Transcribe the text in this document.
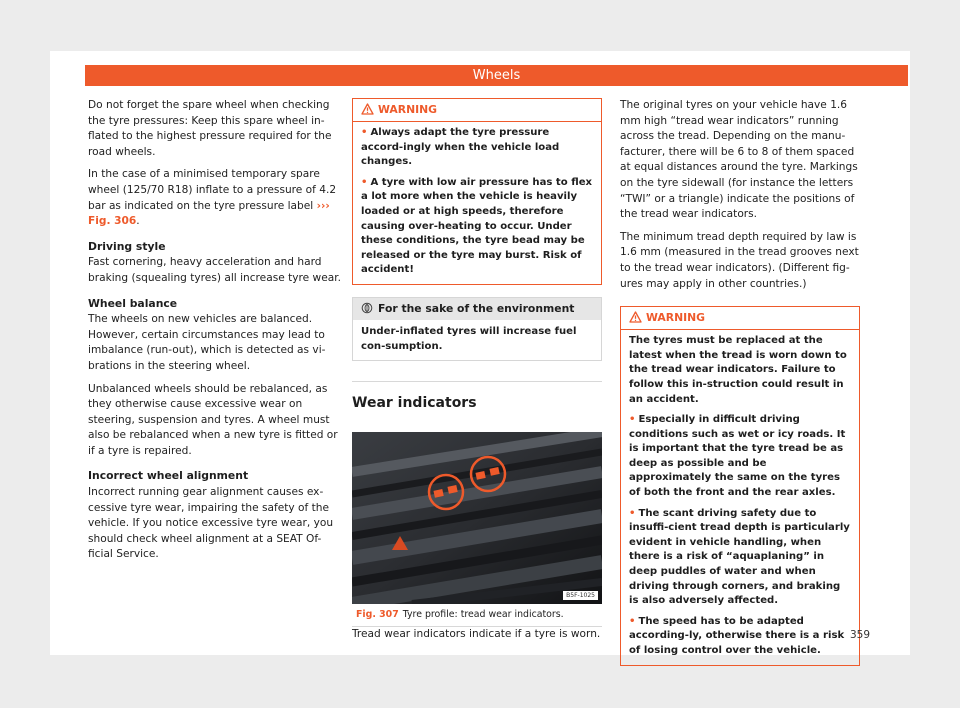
Wheels

Do not forget the spare wheel when checking the tyre pressures: Keep this spare wheel in-flated to the highest pressure required for the road wheels.

In the case of a minimised temporary spare wheel (125/70 R18) inflate to a pressure of 4.2 bar as indicated on the tyre pressure label ››› Fig. 306.

Driving style

Fast cornering, heavy acceleration and hard braking (squealing tyres) all increase tyre wear.

Wheel balance

The wheels on new vehicles are balanced. However, certain circumstances may lead to imbalance (run-out), which is detected as vi-brations in the steering wheel.

Unbalanced wheels should be rebalanced, as they otherwise cause excessive wear on steering, suspension and tyres. A wheel must also be rebalanced when a new tyre is fitted or if a tyre is repaired.

Incorrect wheel alignment

Incorrect running gear alignment causes ex-cessive tyre wear, impairing the safety of the vehicle. If you notice excessive tyre wear, you should check wheel alignment at a SEAT Of-ficial Service.

WARNING

• Always adapt the tyre pressure accord-ingly when the vehicle load changes.

• A tyre with low air pressure has to flex a lot more when the vehicle is heavily loaded or at high speeds, therefore causing over-heating to occur. Under these conditions, the tyre bead may be released or the tyre may burst. Risk of accident!

For the sake of the environment
Under-inflated tyres will increase fuel con-sumption.
Wear indicators
B5F-1025
Fig. 307 Tyre profile: tread wear indicators.

Tread wear indicators indicate if a tyre is worn.

The original tyres on your vehicle have 1.6 mm high “tread wear indicators” running across the tread. Depending on the manu-facturer, there will be 6 to 8 of them spaced at equal distances around the tyre. Markings on the tyre sidewall (for instance the letters “TWI” or a triangle) indicate the positions of the tread wear indicators.

The minimum tread depth required by law is 1.6 mm (measured in the tread grooves next to the tread wear indicators). (Different fig-ures may apply in other countries.)

WARNING

The tyres must be replaced at the latest when the tread is worn down to the tread wear indicators. Failure to follow this in-struction could result in an accident.

• Especially in difficult driving conditions such as wet or icy roads. It is important that the tyre tread be as deep as possible and be approximately the same on the tyres of both the front and the rear axles.

• The scant driving safety due to insuffi-cient tread depth is particularly evident in vehicle handling, when there is a risk of “aquaplaning” in deep puddles of water and when driving through corners, and braking is also adversely affected.

• The speed has to be adapted according-ly, otherwise there is a risk of losing control over the vehicle.

359
